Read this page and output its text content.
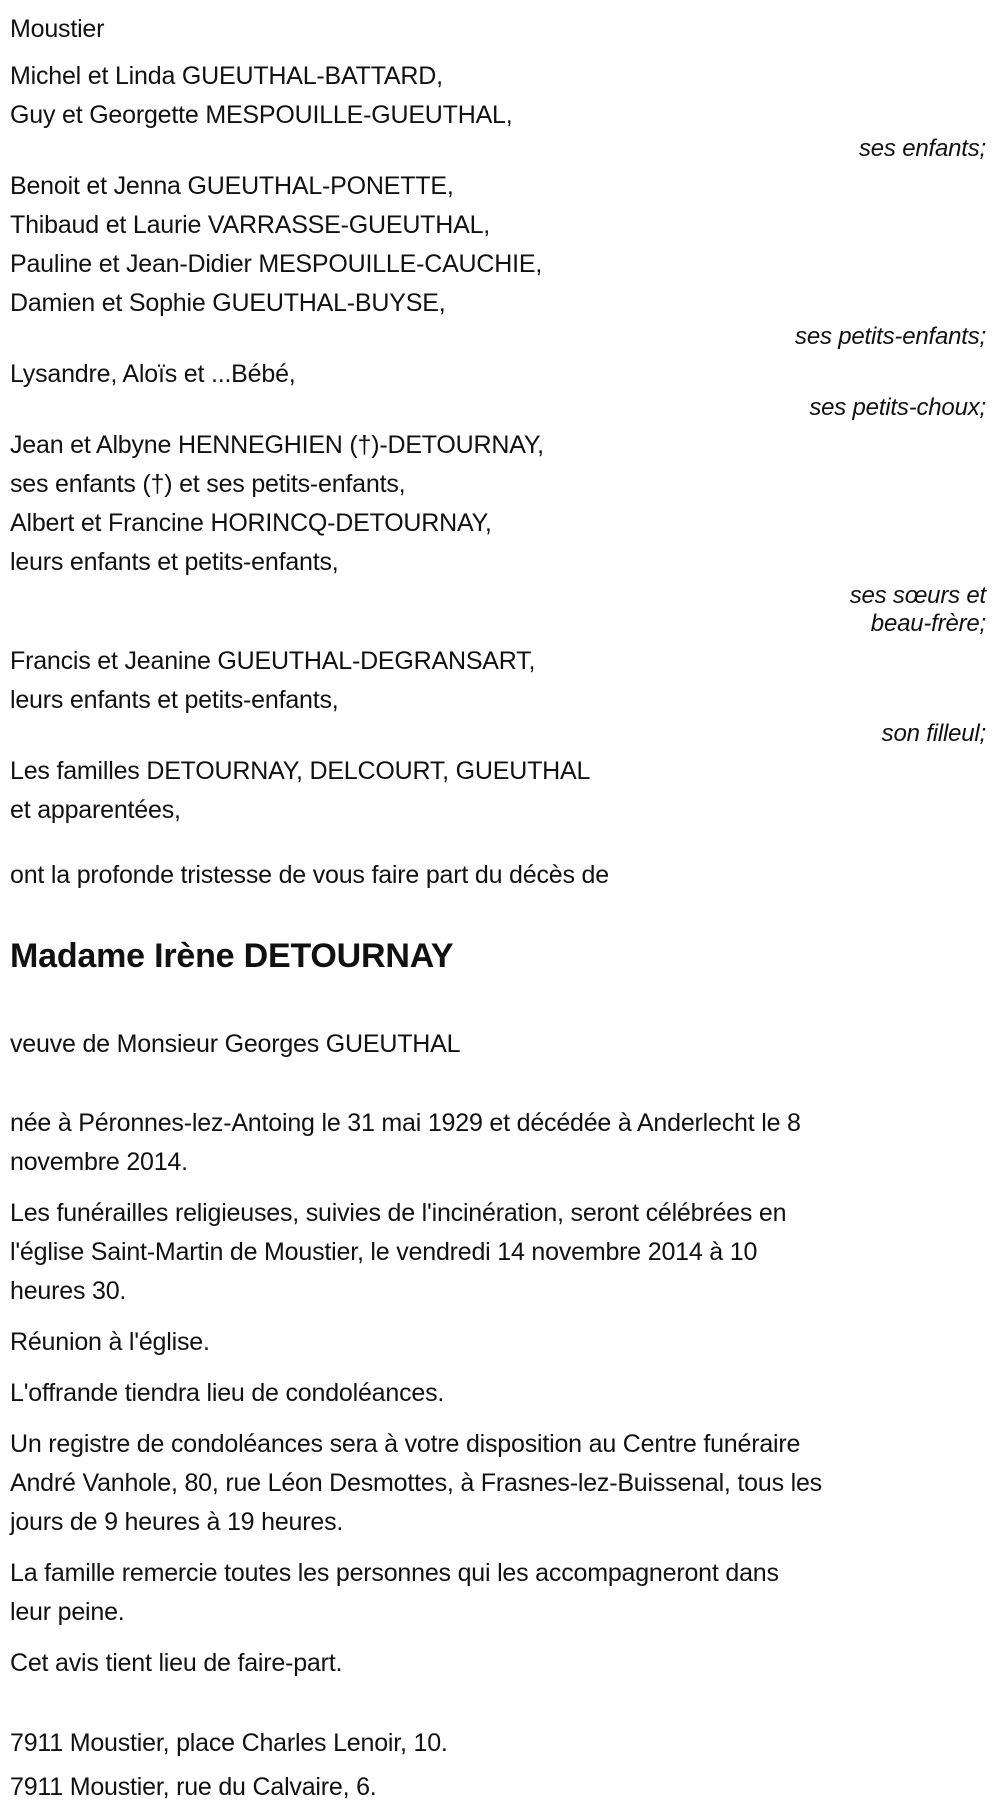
Moustier
Michel et Linda GUEUTHAL-BATTARD,
Guy et Georgette MESPOUILLE-GUEUTHAL,
ses enfants;
Benoit et Jenna GUEUTHAL-PONETTE,
Thibaud et Laurie VARRASSE-GUEUTHAL,
Pauline et Jean-Didier MESPOUILLE-CAUCHIE,
Damien et Sophie GUEUTHAL-BUYSE,
ses petits-enfants;
Lysandre, Aloïs et ...Bébé,
ses petits-choux;
Jean et Albyne HENNEGHIEN (†)-DETOURNAY,
ses enfants (†) et ses petits-enfants,
Albert et Francine HORINCQ-DETOURNAY,
leurs enfants et petits-enfants,
ses sœurs et
beau-frère;
Francis et Jeanine GUEUTHAL-DEGRANSART,
leurs enfants et petits-enfants,
son filleul;
Les familles DETOURNAY, DELCOURT, GUEUTHAL
et apparentées,
ont la profonde tristesse de vous faire part du décès de
Madame Irène DETOURNAY
veuve de Monsieur Georges GUEUTHAL
née à Péronnes-lez-Antoing le 31 mai 1929 et décédée à Anderlecht le 8
novembre 2014.
Les funérailles religieuses, suivies de l'incinération, seront célébrées en
l'église Saint-Martin de Moustier, le vendredi 14 novembre 2014 à 10
heures 30.
Réunion à l'église.
L'offrande tiendra lieu de condoléances.
Un registre de condoléances sera à votre disposition au Centre funéraire
André Vanhole, 80, rue Léon Desmottes, à Frasnes-lez-Buissenal, tous les
jours de 9 heures à 19 heures.
La famille remercie toutes les personnes qui les accompagneront dans
leur peine.
Cet avis tient lieu de faire-part.
7911 Moustier, place Charles Lenoir, 10.
7911 Moustier, rue du Calvaire, 6.
